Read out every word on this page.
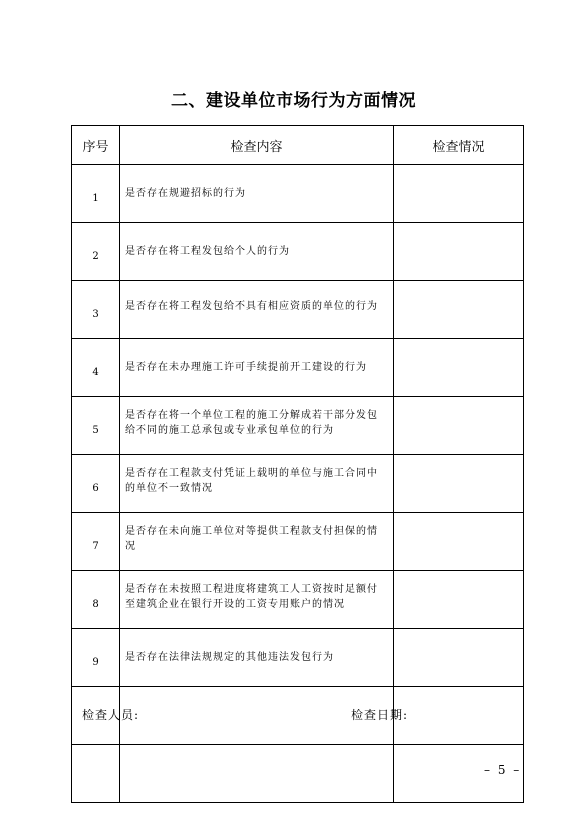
二、建设单位市场行为方面情况
序号	检查内容	检查情况
1	是否存在规避招标的行为	
2	是否存在将工程发包给个人的行为	
3	是否存在将工程发包给不具有相应资质的单位的行为	
4	是否存在未办理施工许可手续提前开工建设的行为	
5	是否存在将一个单位工程的施工分解成若干部分发包给不同的施工总承包或专业承包单位的行为	
6	是否存在工程款支付凭证上载明的单位与施工合同中的单位不一致情况	
7	是否存在未向施工单位对等提供工程款支付担保的情况	
8	是否存在未按照工程进度将建筑工人工资按时足额付至建筑企业在银行开设的工资专用账户的情况	
9	是否存在法律法规规定的其他违法发包行为	

检查人员:	检查日期:
– 5 –
